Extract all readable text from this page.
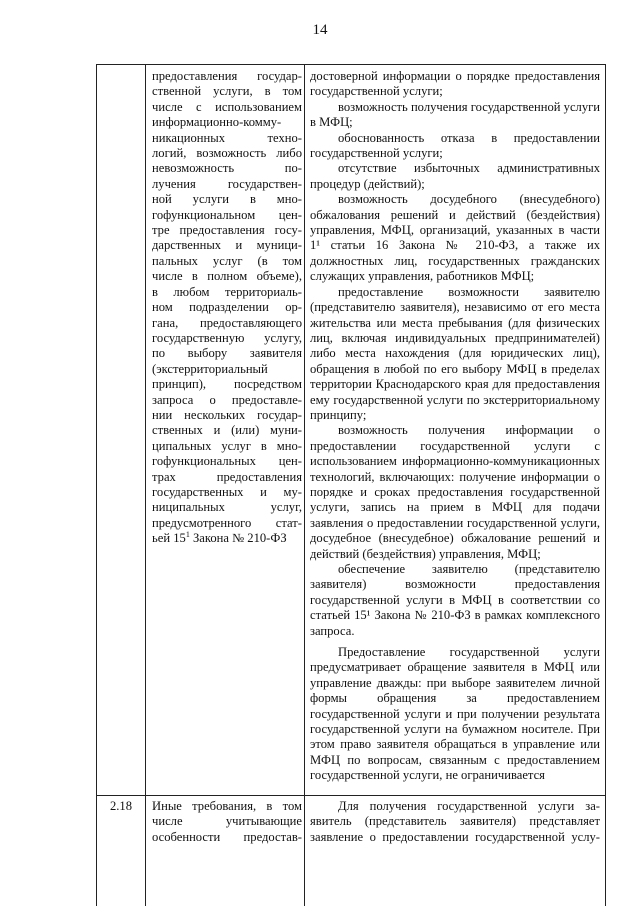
14
предоставления государ-
ственной услуги, в том
числе с использованием
информационно-комму-
никационных техно-
логий, возможность либо
невозможность по-
лучения государствен-
ной услуги в мно-
гофункциональном цен-
тре предоставления госу-
дарственных и муници-
пальных услуг (в том
числе в полном объеме),
в любом территориаль-
ном подразделении ор-
гана, предоставляющего
государственную услугу,
по выбору заявителя
(экстерриториальный
принцип), посредством
запроса о предоставле-
нии нескольких государ-
ственных и (или) муни-
ципальных услуг в мно-
гофункциональных цен-
трах предоставления
государственных и му-
ниципальных услуг,
предусмотренного стат-
ьей $15^1$ Закона № 210-ФЗ

достоверной информации о порядке предоставления государственной услуги;

возможность получения государственной услуги в МФЦ;

обоснованность отказа в предоставлении государственной услуги;

отсутствие избыточных административных процедур (действий);

возможность досудебного (внесудебного) обжалования решений и действий (бездействия) управления, МФЦ, организаций, указанных в части 1¹ статьи 16 Закона № 210-ФЗ, а также их должностных лиц, государственных гражданских служащих управления, работников МФЦ;

предоставление возможности заявителю (представителю заявителя), независимо от его места жительства или места пребывания (для физических лиц, включая индивидуальных предпринимателей) либо места нахождения (для юридических лиц), обращения в любой по его выбору МФЦ в пределах территории Краснодарского края для предоставления ему государственной услуги по экстерриториальному принципу;

возможность получения информации о предоставлении государственной услуги с использованием информационно-коммуникационных технологий, включающих: получение информации о порядке и сроках предоставления государственной услуги, запись на прием в МФЦ для подачи заявления о предоставлении государственной услуги, досудебное (внесудебное) обжалование решений и действий (бездействия) управления, МФЦ;

обеспечение заявителю (представителю заявителя) возможности предоставления государственной услуги в МФЦ в соответствии со статьей 15¹ Закона № 210-ФЗ в рамках комплексного запроса.

Предоставление государственной услуги предусматривает обращение заявителя в МФЦ или управление дважды: при выборе заявителем личной формы обращения за предоставлением государственной услуги и при получении результата государственной услуги на бумажном носителе. При этом право заявителя обращаться в управление или МФЦ по вопросам, связанным с предоставлением государственной услуги, не ограничивается

2.18	Иные требования, в том
числе учитывающие
особенности предостав-
Для получения государственной услуги за-
явитель (представитель заявителя) представляет
заявление о предоставлении государственной услу-
